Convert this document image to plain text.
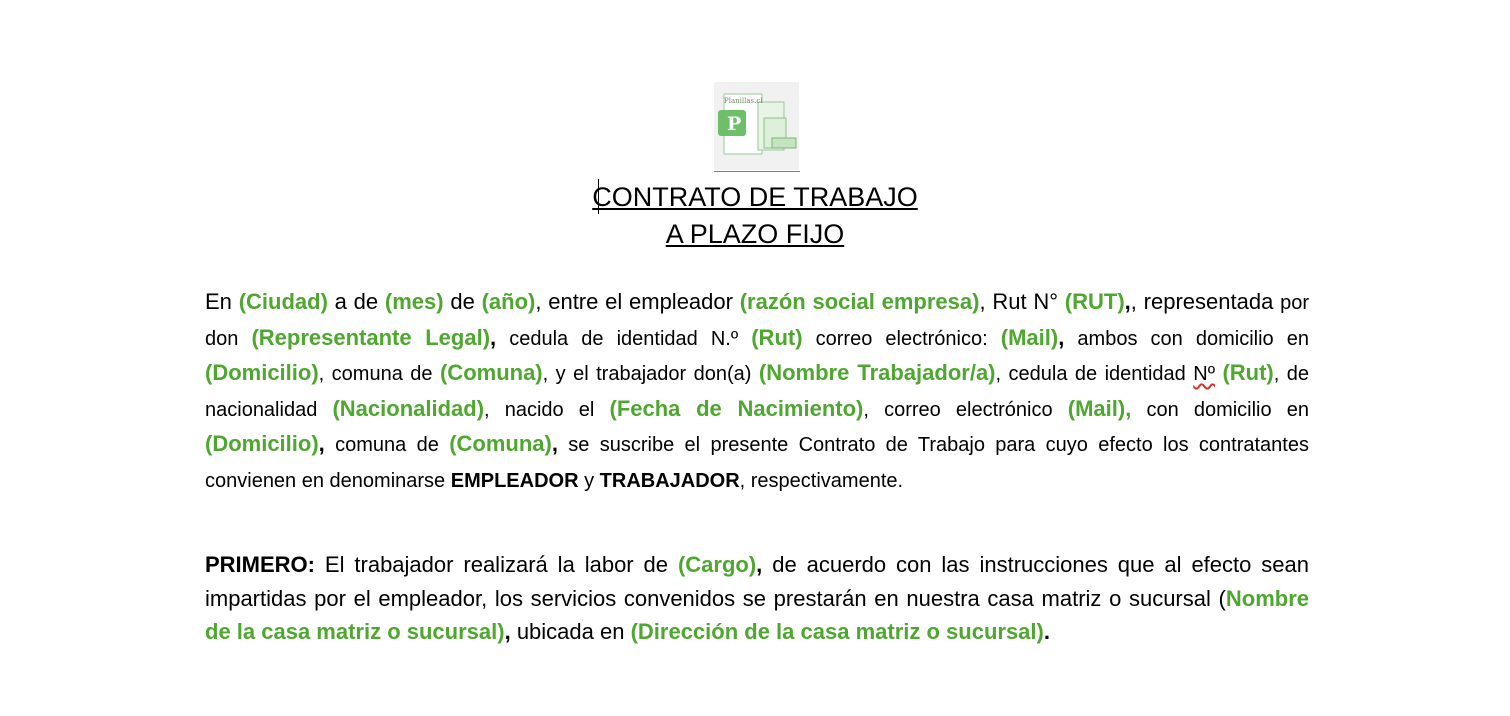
P
Planillas.cl
CONTRATO DE TRABAJO
A PLAZO FIJO
En (Ciudad) a de (mes) de (año), entre el empleador (razón social empresa), Rut N° (RUT),, representada por don (Representante Legal), cedula de identidad N.º (Rut) correo electrónico: (Mail), ambos con domicilio en (Domicilio), comuna de (Comuna), y el trabajador don(a) (Nombre Trabajador/a), cedula de identidad Nº (Rut), de nacionalidad (Nacionalidad), nacido el (Fecha de Nacimiento), correo electrónico (Mail), con domicilio en (Domicilio), comuna de (Comuna), se suscribe el presente Contrato de Trabajo para cuyo efecto los contratantes convienen en denominarse EMPLEADOR y TRABAJADOR, respectivamente.
PRIMERO: El trabajador realizará la labor de (Cargo), de acuerdo con las instrucciones que al efecto sean impartidas por el empleador, los servicios convenidos se prestarán en nuestra casa matriz o sucursal (Nombre de la casa matriz o sucursal), ubicada en (Dirección de la casa matriz o sucursal).
